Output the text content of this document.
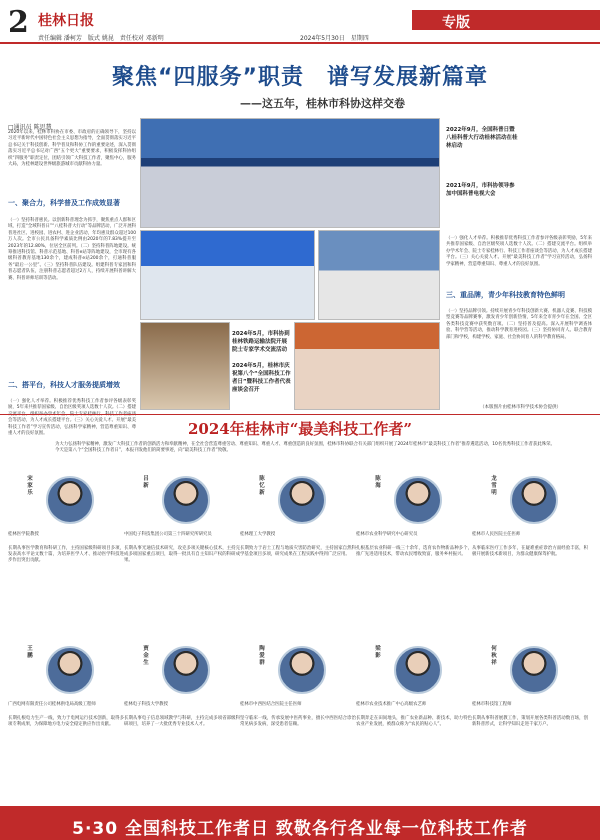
2 桂林日报
责任编辑 潘柯芳　版式 姚昆　责任校对 邓新明	2024年5月30日　星期四
专版
聚焦“四服务”职责　谱写发展新篇章
——这五年，桂林市科协这样交卷
□通讯员 陈思慧
2020年以来，桂林市科协在市委、市政府的正确领导下，坚持以习近平新时代中国特色社会主义思想为指导，全面贯彻落实习近平总书记关于科技创新、科学普及和科协工作的重要论述，深入贯彻落实习近平总书记对广西“五个更大”重要要求，积极发挥科协组织“四服务”职责定位，团结引领广大科技工作者，聚焦中心，服务大局，为桂林建设世界级旅游城市贡献科协力量。
一、聚合力，科学普及工作成效显著
（一）坚持科普惠民。以创新科普理念为抓手，聚焦重点人群和区域，打造“全域科普日”“八桂科普大行动”等品牌活动，广泛开展科普进社区、进校园、进农村、进企业活动，年均惠及群众超过100万人次。全市公民具备科学素质比例由2020年的7.83%提升至2023年的12.80%，位居全区前列。（二）坚持科普阵地建设。统筹推进科技馆、科普示范基地、科普e站等阵地建设，全市现有各级科普教育基地130余个，建成科普e站200余个，打通科普服务“最后一公里”。（三）坚持科普队伍建设。组建科普专家团和科普志愿者队伍，注册科普志愿者超过2万人，持续开展科普讲解大赛、科普讲师培训等活动。
二、搭平台，科技人才服务提质增效
（一）强化人才举荐。积极推荐优秀科技工作者参评各级表彰奖励，5年来共推荐国家级、自治区级奖项人选数十人次。（二）搭建 会等活动，为人才成长搭建平台。（三）关心关爱人才。开展“最美科技工作者”学习宣传活动，弘扬科学家精神，营造尊重知识、尊重人才的良好氛围。
2022年9月，全国科普日暨八桂科普大行动桂林活动在桂林启动
2021年9月，市科协领导参加中国科普电视大会
2024年5月，市科协到桂林铁路运输法院开展院士专家学术交流活动
2024年5月，桂林市庆祝第八个“全国科技工作者日”暨科技工作者代表座谈会召开
（一）强化人才举荐。积极推荐优秀科技工作者参评各级表彰奖励，5年来共推荐国家级、自治区级奖项人选数十人次。（二）搭建交流平台。组织举办学术年会、院士专家桂林行、科技工作者座谈会等活动，为人才成长搭建平台。（三）关心关爱人才。开展“最美科技工作者”学习宣传活动，弘扬科学家精神，营造尊重知识、尊重人才的良好氛围。
三、重品牌，青少年科技教育特色鲜明
（一）坚持品牌引领。持续开展青少年科技创新大赛、机器人竞赛、科技模型竞赛等品牌赛事，激发青少年创新热情，5年来全市青少年在全国、全区各类科技竞赛中获奖数百项。（二）坚持普及提高。深入开展科学调查体验、科学营等活动，推动科学教育进校园。（三）坚持协同育人。联合教育部门和学校，构建学校、家庭、社会协同育人的科学教育格局。
（本版图片由桂林市科学技术协会提供）
2024年桂林市“最美科技工作者”
为大力弘扬科学家精神，激发广大科技工作者的创新活力和奉献精神，在全社会营造尊重劳动、尊重知识、尊重人才、尊重创造的良好氛围，桂林市科协联合有关部门组织开展了2024年桂林市“最美科技工作者”推荐遴选活动，10名优秀科技工作者获此殊荣。今天是第八个“全国科技工作者日”，本报刊发他们的简要事迹，向“最美科技工作者”致敬。
宋家乐
桂林医学院教授
长期从事医学教育和科研工作，主持国家级科研项目多项，发表高水平论文数十篇，为培养医学人才、推动医学科技进步作出突出贡献。
吕新
中国电子科技集团公司第三十四研究所研究员
长期从事光通信技术研究，攻克多项关键核心技术，主持完成多项国家重点项目，取得一批具有自主知识产权的科研成果。
陈忆新
桂林理工大学教授
长期致力于岩土工程与地质灾害防治研究，主持国家自然科学基金项目多项，研究成果在工程实践中得到广泛应用。
陈海
桂林市农业科学研究中心研究员
扎根基层农业科研一线三十余年，选育农作物新品种多个，推广先进适用技术，带动农民增收致富，服务乡村振兴。
龙雪明
桂林市人民医院主任医师
从事临床医疗工作多年，在疑难重症诊治方面经验丰富，积极开展新技术新项目，为群众健康保驾护航。
王鹏
广西电网有限责任公司桂林供电局高级工程师
长期扎根电力生产一线，致力于电网运行技术创新，取得多项专利成果，为保障地方电力安全稳定供应作出贡献。
贾金生
桂林电子科技大学教授
长期从事电子信息领域教学与科研，主持完成多项省部级科研项目，培养了一大批优秀专业技术人才。
陶爱群
桂林市中西医结合医院主任医师
坚守临床一线，传承发展中医药事业，擅长中西医结合诊治常见病多发病，深受患者信赖。
梁影
桂林市农业技术推广中心高级农艺师
长期奔走在田间地头，推广农业新品种、新技术，助力特色农业产业发展，被群众称为“农民的贴心人”。
何秋祥
桂林市科技馆工程师
长期从事科普展教工作，策划开展各类科普活动数百场，创新科普形式，让科学知识走进千家万户。
5·30 全国科技工作者日 致敬各行各业每一位科技工作者
